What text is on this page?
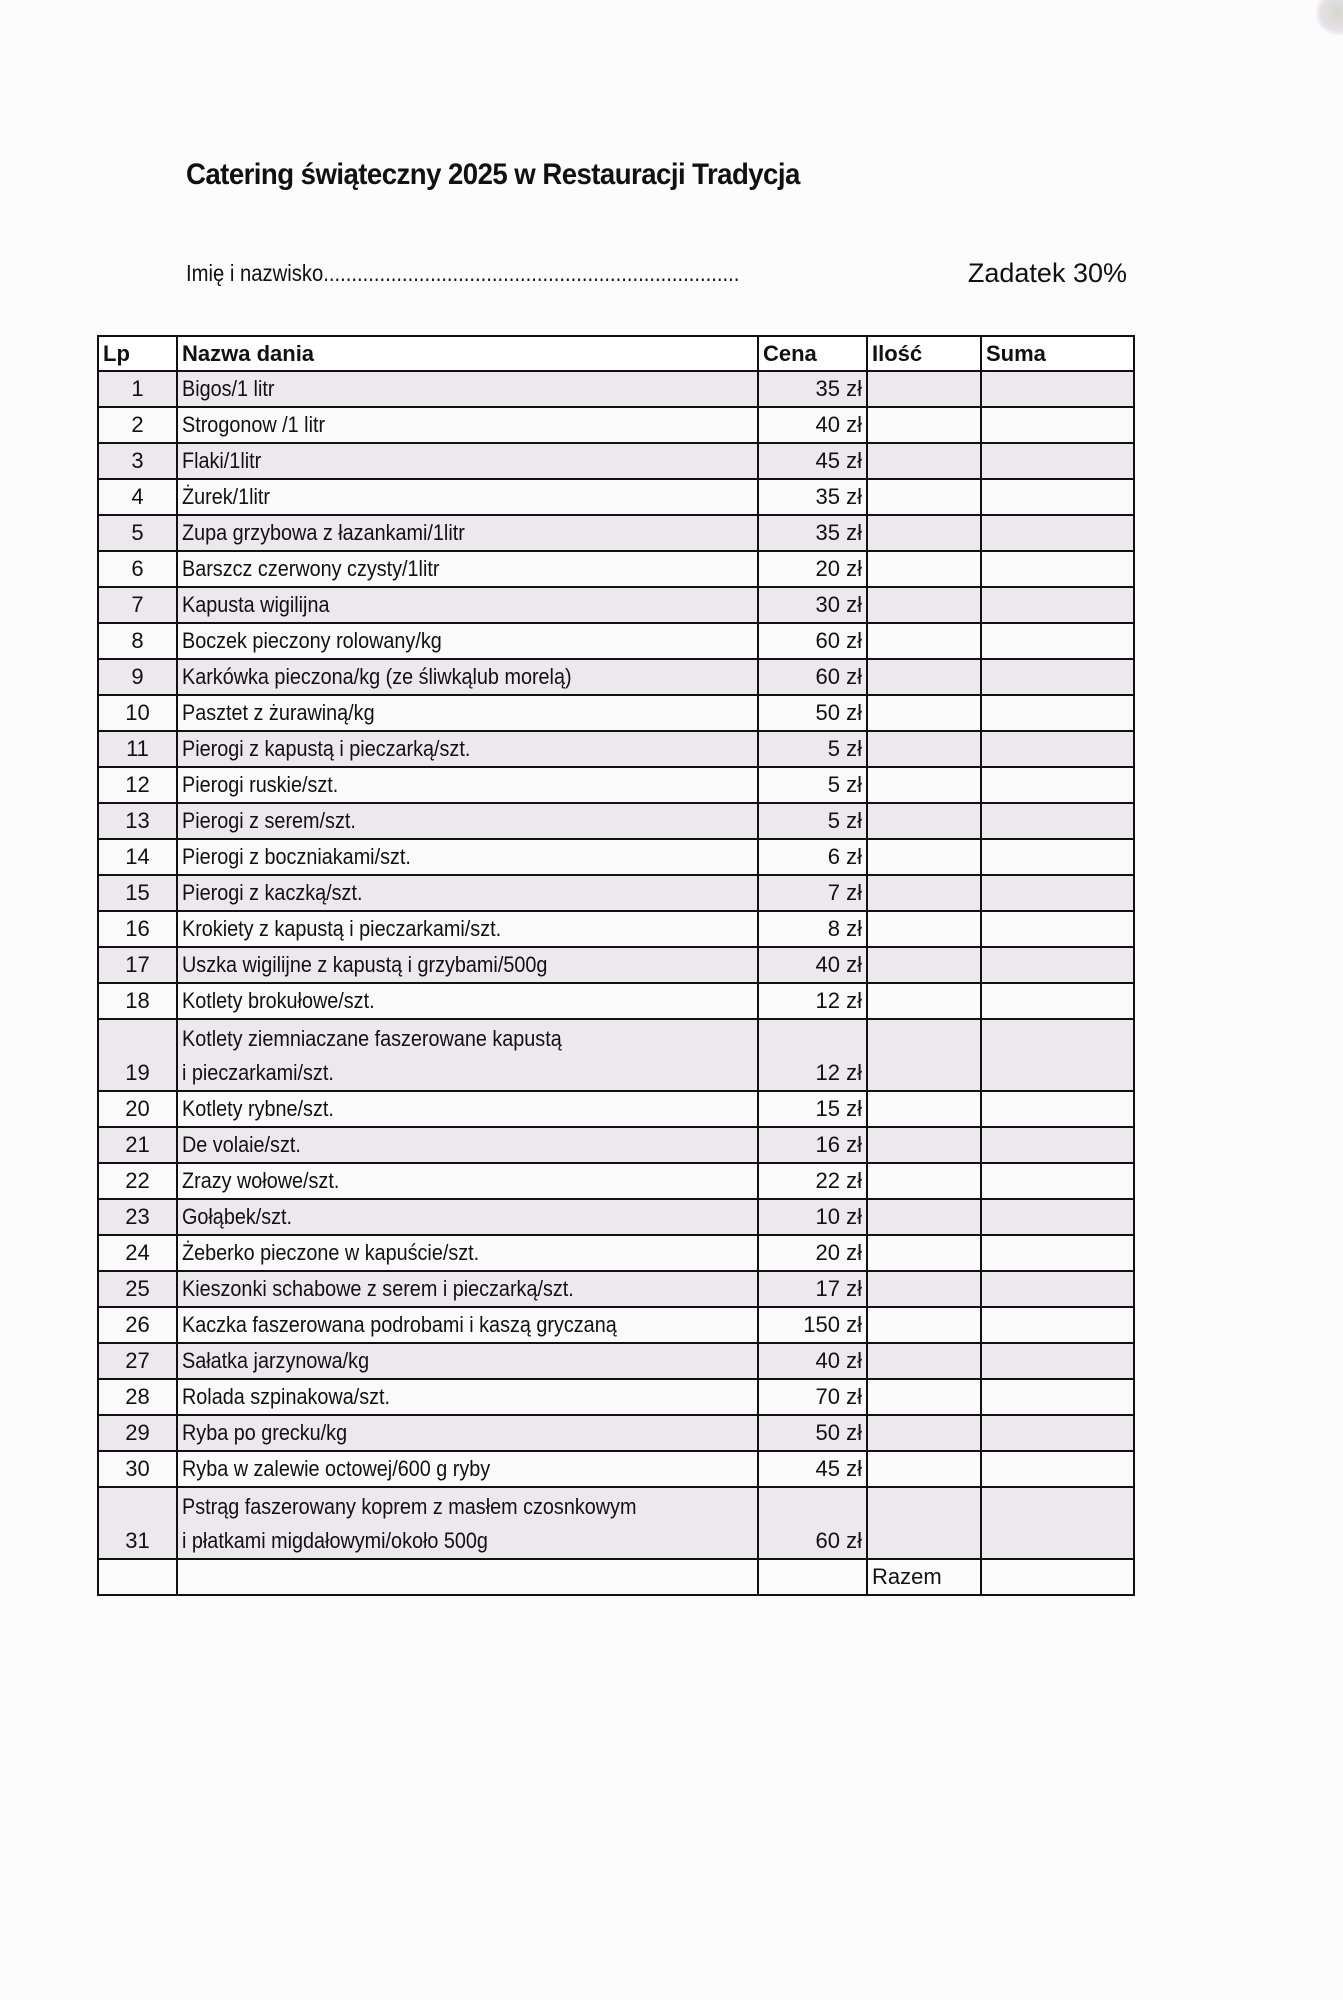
Catering świąteczny 2025 w Restauracji Tradycja
Imię i nazwisko..........................................................................	Zadatek 30%
Lp	Nazwa dania	Cena	Ilość	Suma
1	Bigos/1 litr	35 zł		
2	Strogonow /1 litr	40 zł		
3	Flaki/1litr	45 zł		
4	Żurek/1litr	35 zł		
5	Zupa grzybowa z łazankami/1litr	35 zł		
6	Barszcz czerwony czysty/1litr	20 zł		
7	Kapusta wigilijna	30 zł		
8	Boczek pieczony rolowany/kg	60 zł		
9	Karkówka pieczona/kg (ze śliwkąlub morelą)	60 zł		
10	Pasztet z żurawiną/kg	50 zł		
11	Pierogi z kapustą i pieczarką/szt.	5 zł		
12	Pierogi ruskie/szt.	5 zł		
13	Pierogi z serem/szt.	5 zł		
14	Pierogi z boczniakami/szt.	6 zł		
15	Pierogi z kaczką/szt.	7 zł		
16	Krokiety z kapustą i pieczarkami/szt.	8 zł		
17	Uszka wigilijne z kapustą i grzybami/500g	40 zł		
18	Kotlety brokułowe/szt.	12 zł		
19	Kotlety ziemniaczane faszerowane kapustą
i pieczarkami/szt.	12 zł		
20	Kotlety rybne/szt.	15 zł		
21	De volaie/szt.	16 zł		
22	Zrazy wołowe/szt.	22 zł		
23	Gołąbek/szt.	10 zł		
24	Żeberko pieczone w kapuście/szt.	20 zł		
25	Kieszonki schabowe z serem i pieczarką/szt.	17 zł		
26	Kaczka faszerowana podrobami i kaszą gryczaną	150 zł		
27	Sałatka jarzynowa/kg	40 zł		
28	Rolada szpinakowa/szt.	70 zł		
29	Ryba po grecku/kg	50 zł		
30	Ryba w zalewie octowej/600 g ryby	45 zł		
31	Pstrąg faszerowany koprem z masłem czosnkowym
i płatkami migdałowymi/około 500g	60 zł		
			Razem	
